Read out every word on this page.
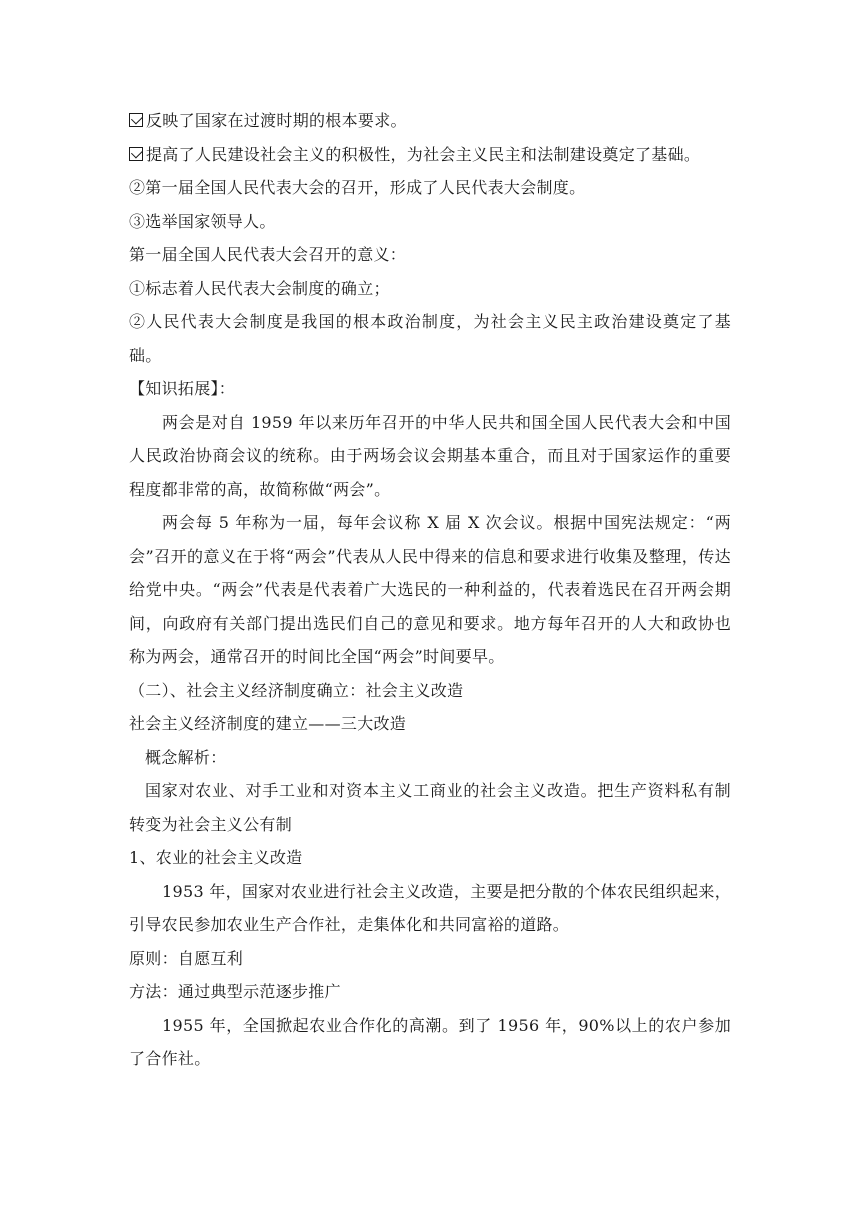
反映了国家在过渡时期的根本要求。
提高了人民建设社会主义的积极性，为社会主义民主和法制建设奠定了基础。
②第一届全国人民代表大会的召开，形成了人民代表大会制度。
③选举国家领导人。
第一届全国人民代表大会召开的意义：
①标志着人民代表大会制度的确立；
②人民代表大会制度是我国的根本政治制度，为社会主义民主政治建设奠定了基础。
【知识拓展】：
两会是对自 1959 年以来历年召开的中华人民共和国全国人民代表大会和中国人民政治协商会议的统称。由于两场会议会期基本重合，而且对于国家运作的重要程度都非常的高，故简称做“两会”。
两会每 5 年称为一届，每年会议称 X 届 X 次会议。根据中国宪法规定：“两会”召开的意义在于将“两会”代表从人民中得来的信息和要求进行收集及整理，传达给党中央。“两会”代表是代表着广大选民的一种利益的，代表着选民在召开两会期间，向政府有关部门提出选民们自己的意见和要求。地方每年召开的人大和政协也称为两会，通常召开的时间比全国“两会”时间要早。
（二）、社会主义经济制度确立：社会主义改造
社会主义经济制度的建立——三大改造
概念解析：
国家对农业、对手工业和对资本主义工商业的社会主义改造。把生产资料私有制转变为社会主义公有制
1、农业的社会主义改造
1953 年，国家对农业进行社会主义改造，主要是把分散的个体农民组织起来，引导农民参加农业生产合作社，走集体化和共同富裕的道路。
原则：自愿互利
方法：通过典型示范逐步推广
1955 年，全国掀起农业合作化的高潮。到了 1956 年，90%以上的农户参加了合作社。
